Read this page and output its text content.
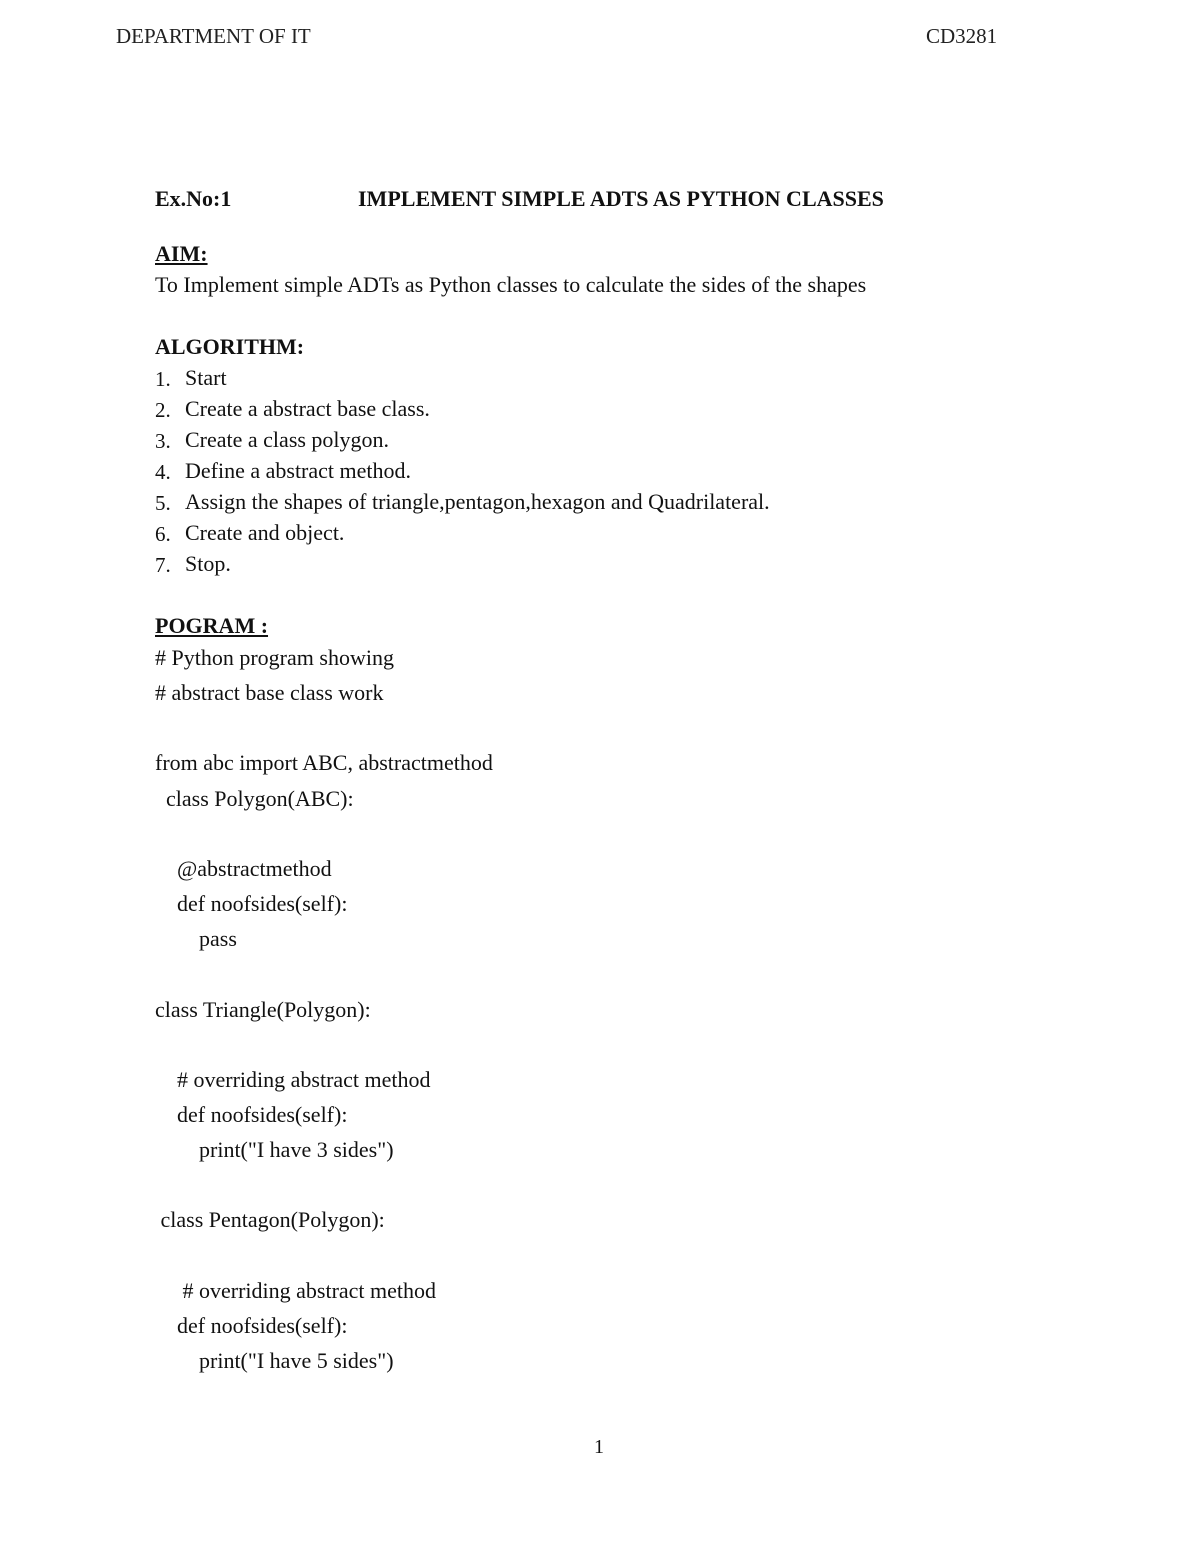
DEPARTMENT OF IT	CD3281
Ex.No:1	IMPLEMENT SIMPLE ADTS AS PYTHON CLASSES
AIM:
To Implement simple ADTs as Python classes to calculate the sides of the shapes
ALGORITHM:
1. Start
2. Create a abstract base class.
3. Create a class polygon.
4. Define a abstract method.
5. Assign the shapes of triangle,pentagon,hexagon and Quadrilateral.
6. Create and object.
7. Stop.
POGRAM :
# Python program showing
# abstract base class work
from abc import ABC, abstractmethod
class Polygon(ABC):
@abstractmethod
def noofsides(self):
pass
class Triangle(Polygon):
# overriding abstract method
def noofsides(self):
print("I have 3 sides")
class Pentagon(Polygon):
# overriding abstract method
def noofsides(self):
print("I have 5 sides")
1
